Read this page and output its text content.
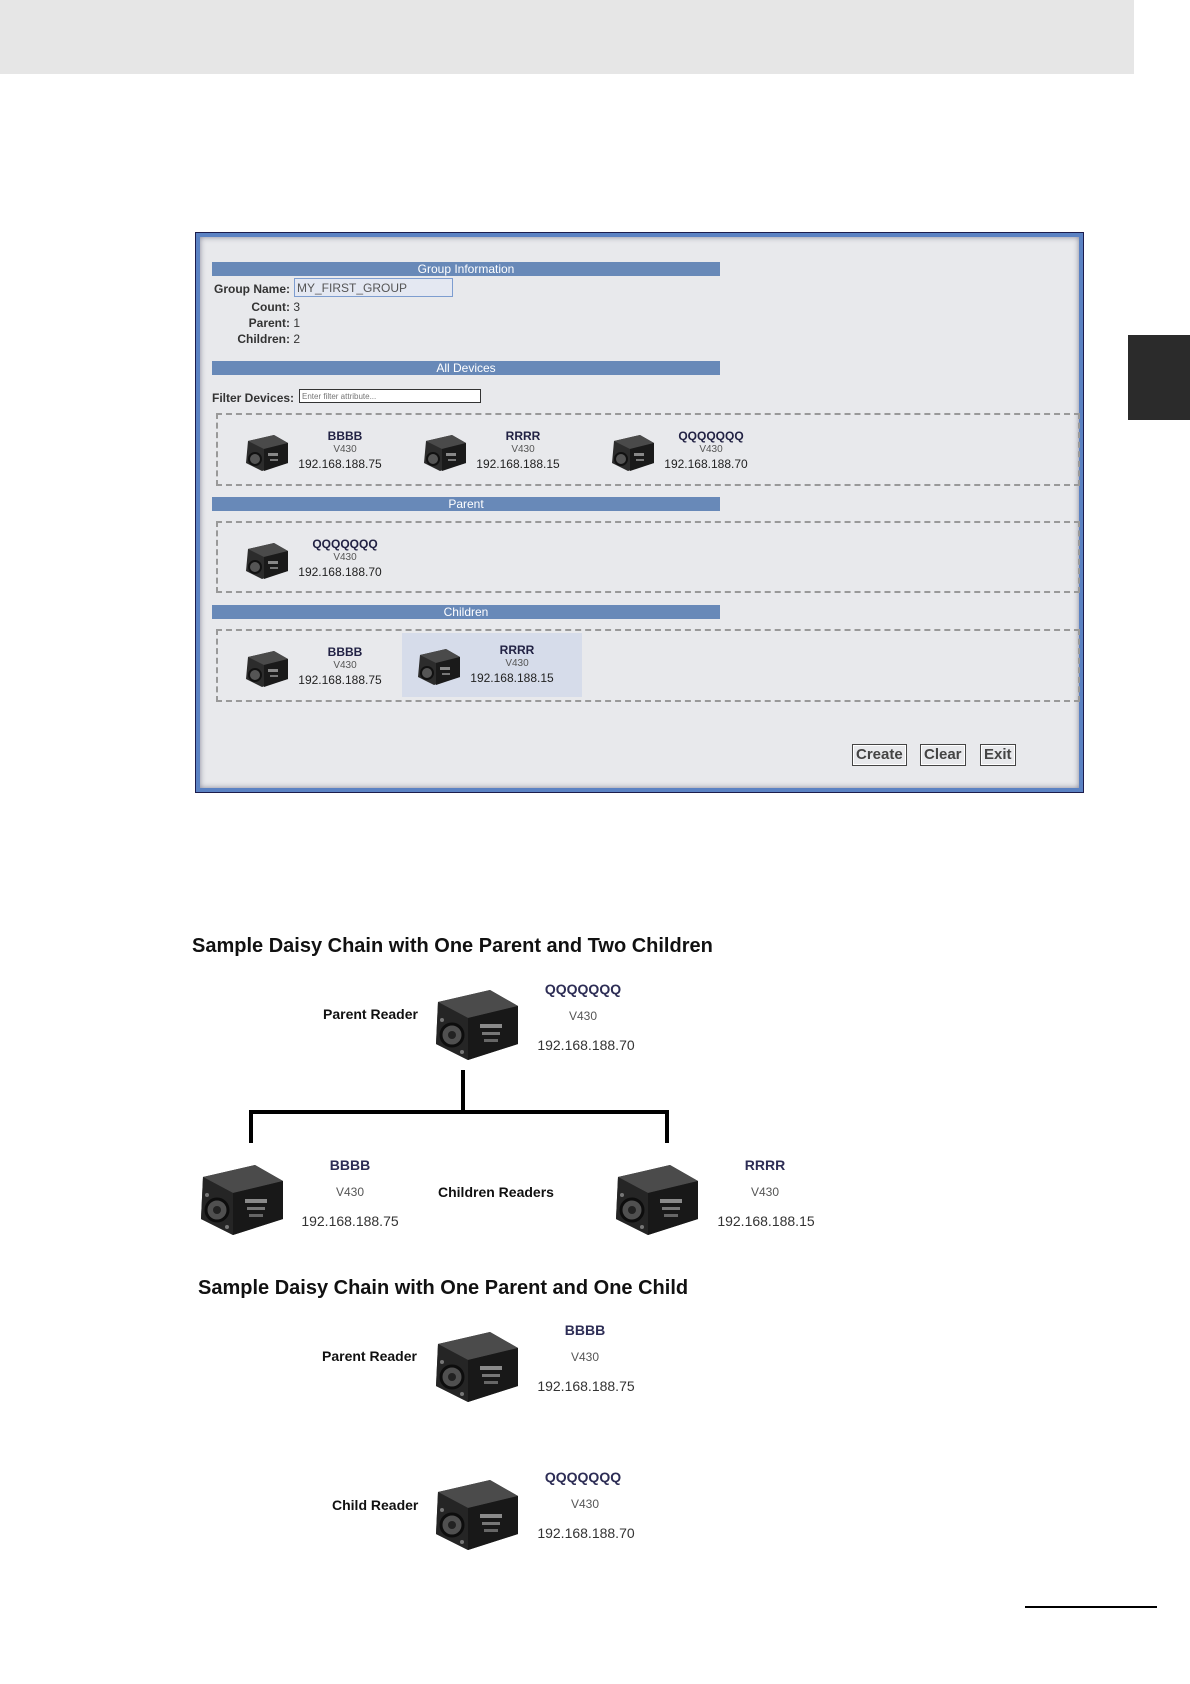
Group Information
Group Name:
MY_FIRST_GROUP
Count: 3
Parent: 1
Children: 2
All Devices
Filter Devices:
Enter filter attribute...
BBBB
V430
192.168.188.75
RRRR
V430
192.168.188.15
QQQQQQQ
V430
192.168.188.70
Parent
QQQQQQQ
V430
192.168.188.70
Children
BBBB
V430
192.168.188.75
RRRR
V430
192.168.188.15
Create Clear Exit
Sample Daisy Chain with One Parent and Two Children
Parent Reader
QQQQQQQ
V430
192.168.188.70
BBBB
V430
192.168.188.75
Children Readers
RRRR
V430
192.168.188.15
Sample Daisy Chain with One Parent and One Child
Parent Reader
BBBB
V430
192.168.188.75
Child Reader
QQQQQQQ
V430
192.168.188.70
